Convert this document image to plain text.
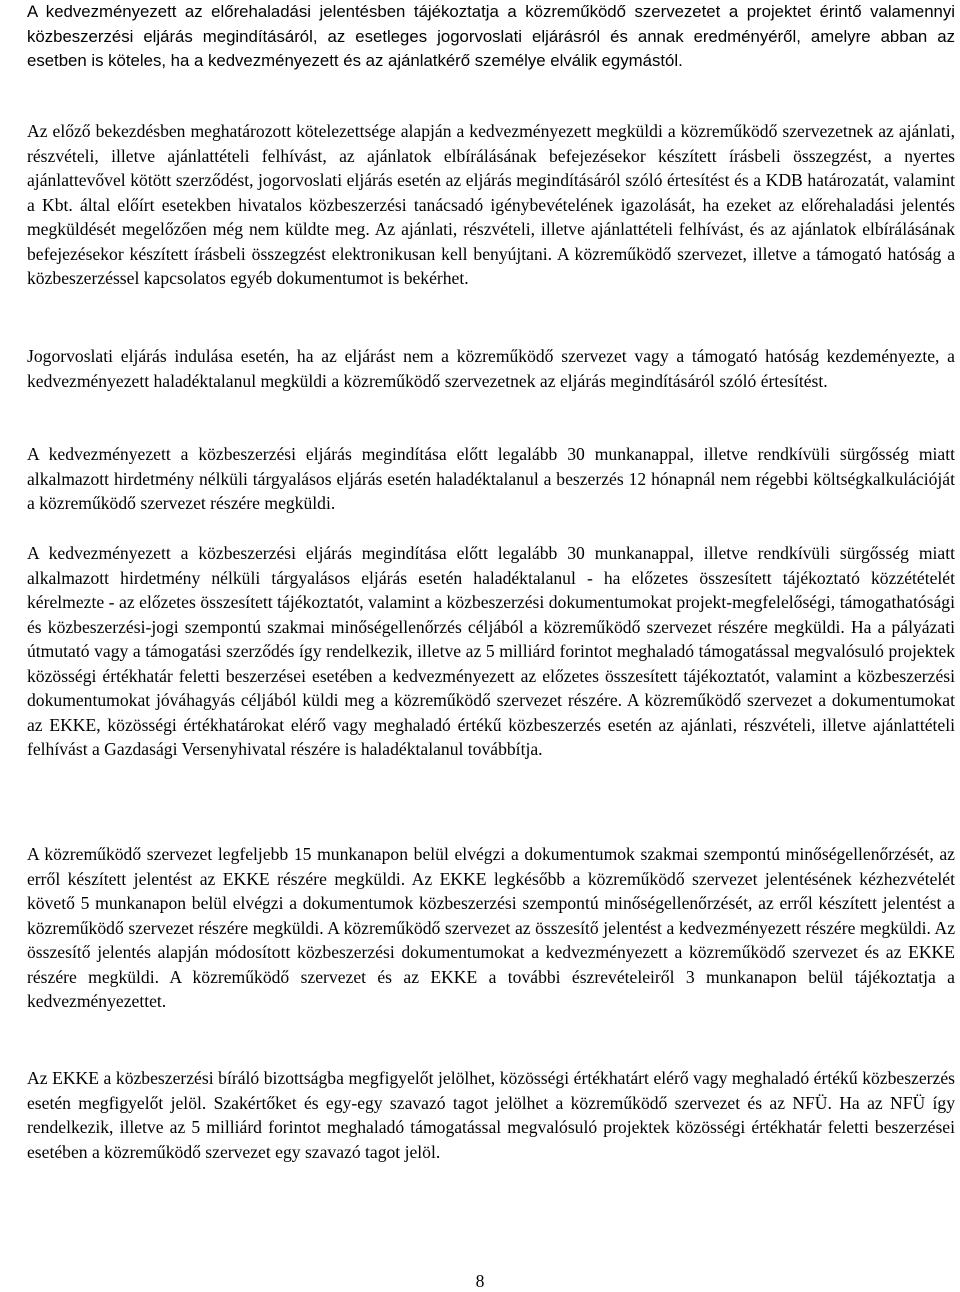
A kedvezményezett az előrehaladási jelentésben tájékoztatja a közreműködő szervezetet a projektet érintő valamennyi közbeszerzési eljárás megindításáról, az esetleges jogorvoslati eljárásról és annak eredményéről, amelyre abban az esetben is köteles, ha a kedvezményezett és az ajánlatkérő személye elválik egymástól.

Az előző bekezdésben meghatározott kötelezettsége alapján a kedvezményezett megküldi a közreműködő szervezetnek az ajánlati, részvételi, illetve ajánlattételi felhívást, az ajánlatok elbírálásának befejezésekor készített írásbeli összegzést, a nyertes ajánlattevővel kötött szerződést, jogorvoslati eljárás esetén az eljárás megindításáról szóló értesítést és a KDB határozatát, valamint a Kbt. által előírt esetekben hivatalos közbeszerzési tanácsadó igénybevételének igazolását, ha ezeket az előrehaladási jelentés megküldését megelőzően még nem küldte meg. Az ajánlati, részvételi, illetve ajánlattételi felhívást, és az ajánlatok elbírálásának befejezésekor készített írásbeli összegzést elektronikusan kell benyújtani. A közreműködő szervezet, illetve a támogató hatóság a közbeszerzéssel kapcsolatos egyéb dokumentumot is bekérhet.

Jogorvoslati eljárás indulása esetén, ha az eljárást nem a közreműködő szervezet vagy a támogató hatóság kezdeményezte, a kedvezményezett haladéktalanul megküldi a közreműködő szervezetnek az eljárás megindításáról szóló értesítést.

A kedvezményezett a közbeszerzési eljárás megindítása előtt legalább 30 munkanappal, illetve rendkívüli sürgősség miatt alkalmazott hirdetmény nélküli tárgyalásos eljárás esetén haladéktalanul a beszerzés 12 hónapnál nem régebbi költségkalkulációját a közreműködő szervezet részére megküldi.

A kedvezményezett a közbeszerzési eljárás megindítása előtt legalább 30 munkanappal, illetve rendkívüli sürgősség miatt alkalmazott hirdetmény nélküli tárgyalásos eljárás esetén haladéktalanul - ha előzetes összesített tájékoztató közzétételét kérelmezte - az előzetes összesített tájékoztatót, valamint a közbeszerzési dokumentumokat projekt-megfelelőségi, támogathatósági és közbeszerzési-jogi szempontú szakmai minőségellenőrzés céljából a közreműködő szervezet részére megküldi. Ha a pályázati útmutató vagy a támogatási szerződés így rendelkezik, illetve az 5 milliárd forintot meghaladó támogatással megvalósuló projektek közösségi értékhatár feletti beszerzései esetében a kedvezményezett az előzetes összesített tájékoztatót, valamint a közbeszerzési dokumentumokat jóváhagyás céljából küldi meg a közreműködő szervezet részére. A közreműködő szervezet a dokumentumokat az EKKE, közösségi értékhatárokat elérő vagy meghaladó értékű közbeszerzés esetén az ajánlati, részvételi, illetve ajánlattételi felhívást a Gazdasági Versenyhivatal részére is haladéktalanul továbbítja.

A közreműködő szervezet legfeljebb 15 munkanapon belül elvégzi a dokumentumok szakmai szempontú minőségellenőrzését, az erről készített jelentést az EKKE részére megküldi. Az EKKE legkésőbb a közreműködő szervezet jelentésének kézhezvételét követő 5 munkanapon belül elvégzi a dokumentumok közbeszerzési szempontú minőségellenőrzését, az erről készített jelentést a közreműködő szervezet részére megküldi. A közreműködő szervezet az összesítő jelentést a kedvezményezett részére megküldi. Az összesítő jelentés alapján módosított közbeszerzési dokumentumokat a kedvezményezett a közreműködő szervezet és az EKKE részére megküldi. A közreműködő szervezet és az EKKE a további észrevételeiről 3 munkanapon belül tájékoztatja a kedvezményezettet.

Az EKKE a közbeszerzési bíráló bizottságba megfigyelőt jelölhet, közösségi értékhatárt elérő vagy meghaladó értékű közbeszerzés esetén megfigyelőt jelöl. Szakértőket és egy-egy szavazó tagot jelölhet a közreműködő szervezet és az NFÜ. Ha az NFÜ így rendelkezik, illetve az 5 milliárd forintot meghaladó támogatással megvalósuló projektek közösségi értékhatár feletti beszerzései esetében a közreműködő szervezet egy szavazó tagot jelöl.

8
